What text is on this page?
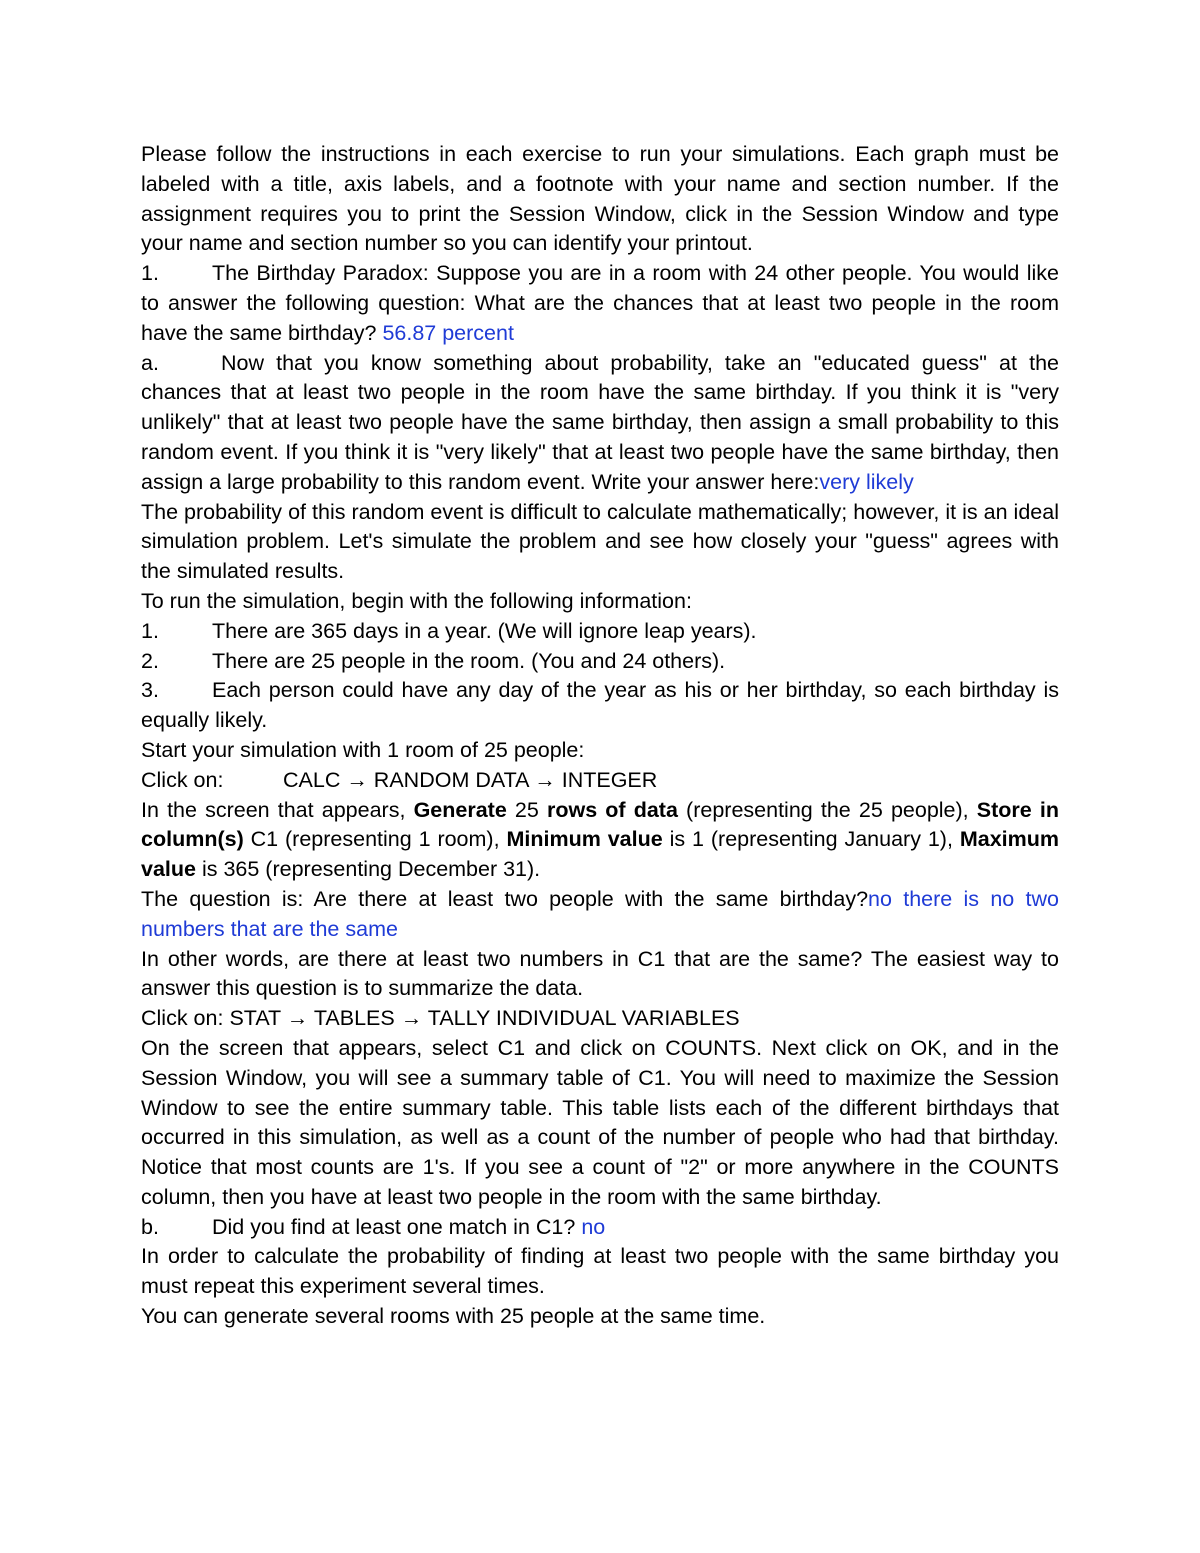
Please follow the instructions in each exercise to run your simulations. Each graph must be labeled with a title, axis labels, and a footnote with your name and section number. If the assignment requires you to print the Session Window, click in the Session Window and type your name and section number so you can identify your printout.

1. The Birthday Paradox: Suppose you are in a room with 24 other people. You would like to answer the following question: What are the chances that at least two people in the room have the same birthday? 56.87 percent

a.	Now that you know something about probability, take an "educated guess" at the chances that at least two people in the room have the same birthday. If you think it is "very unlikely" that at least two people have the same birthday, then assign a small probability to this random event. If you think it is "very likely" that at least two people have the same birthday, then assign a large probability to this random event. Write your answer here:very likely

The probability of this random event is difficult to calculate mathematically; however, it is an ideal simulation problem. Let's simulate the problem and see how closely your "guess" agrees with the simulated results.

To run the simulation, begin with the following information:

1. There are 365 days in a year. (We will ignore leap years).

2. There are 25 people in the room. (You and 24 others).

3. Each person could have any day of the year as his or her birthday, so each birthday is equally likely.

Start your simulation with 1 room of 25 people:

Click on:	CALC → RANDOM DATA → INTEGER

In the screen that appears, Generate 25 rows of data (representing the 25 people), Store in column(s) C1 (representing 1 room), Minimum value is 1 (representing January 1), Maximum value is 365 (representing December 31).

The question is: Are there at least two people with the same birthday?no there is no two numbers that are the same

In other words, are there at least two numbers in C1 that are the same? The easiest way to answer this question is to summarize the data.

Click on: STAT → TABLES → TALLY INDIVIDUAL VARIABLES

On the screen that appears, select C1 and click on COUNTS. Next click on OK, and in the Session Window, you will see a summary table of C1. You will need to maximize the Session Window to see the entire summary table. This table lists each of the different birthdays that occurred in this simulation, as well as a count of the number of people who had that birthday. Notice that most counts are 1's. If you see a count of "2" or more anywhere in the COUNTS column, then you have at least two people in the room with the same birthday.

b. Did you find at least one match in C1? no

In order to calculate the probability of finding at least two people with the same birthday you must repeat this experiment several times.

You can generate several rooms with 25 people at the same time.
